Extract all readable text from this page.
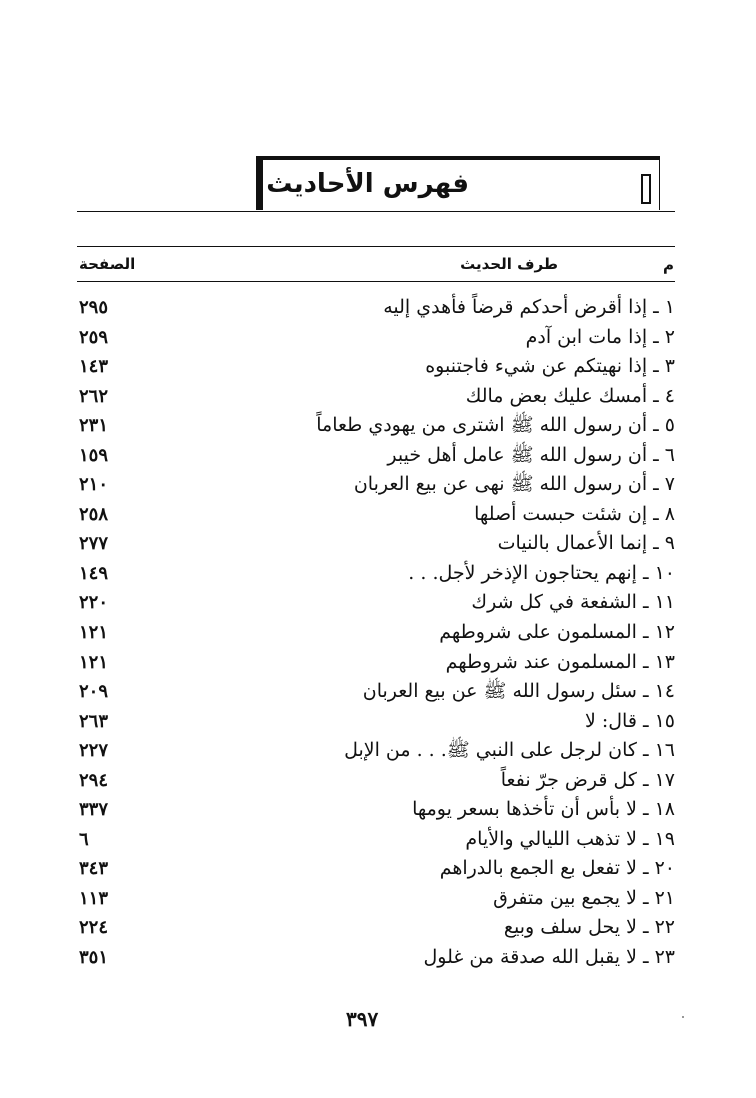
فهرس الأحاديث
م
طرف الحديث
الصفحة
١ ـ إذا أقرض أحدكم قرضاً فأهدي إليه
٢٩٥
٢ ـ إذا مات ابن آدم
٢٥٩
٣ ـ إذا نهيتكم عن شيء فاجتنبوه
١٤٣
٤ ـ أمسك عليك بعض مالك
٢٦٢
٥ ـ أن رسول الله ﷺ اشترى من يهودي طعاماً
٢٣١
٦ ـ أن رسول الله ﷺ عامل أهل خيبر
١٥٩
٧ ـ أن رسول الله ﷺ نهى عن بيع العربان
٢١٠
٨ ـ إن شئت حبست أصلها
٢٥٨
٩ ـ إنما الأعمال بالنيات
٢٧٧
١٠ ـ إنهم يحتاجون الإذخر لأجل. . .
١٤٩
١١ ـ الشفعة في كل شرك
٢٢٠
١٢ ـ المسلمون على شروطهم
١٢١
١٣ ـ المسلمون عند شروطهم
١٢١
١٤ ـ سئل رسول الله ﷺ عن بيع العربان
٢٠٩
١٥ ـ قال: لا
٢٦٣
١٦ ـ كان لرجل على النبي ﷺ. . . من الإبل
٢٢٧
١٧ ـ كل قرض جرّ نفعاً
٢٩٤
١٨ ـ لا بأس أن تأخذها بسعر يومها
٣٣٧
١٩ ـ لا تذهب الليالي والأيام
٦
٢٠ ـ لا تفعل بع الجمع بالدراهم
٣٤٣
٢١ ـ لا يجمع بين متفرق
١١٣
٢٢ ـ لا يحل سلف وبيع
٢٢٤
٢٣ ـ لا يقبل الله صدقة من غلول
٣٥١
٣٩٧
